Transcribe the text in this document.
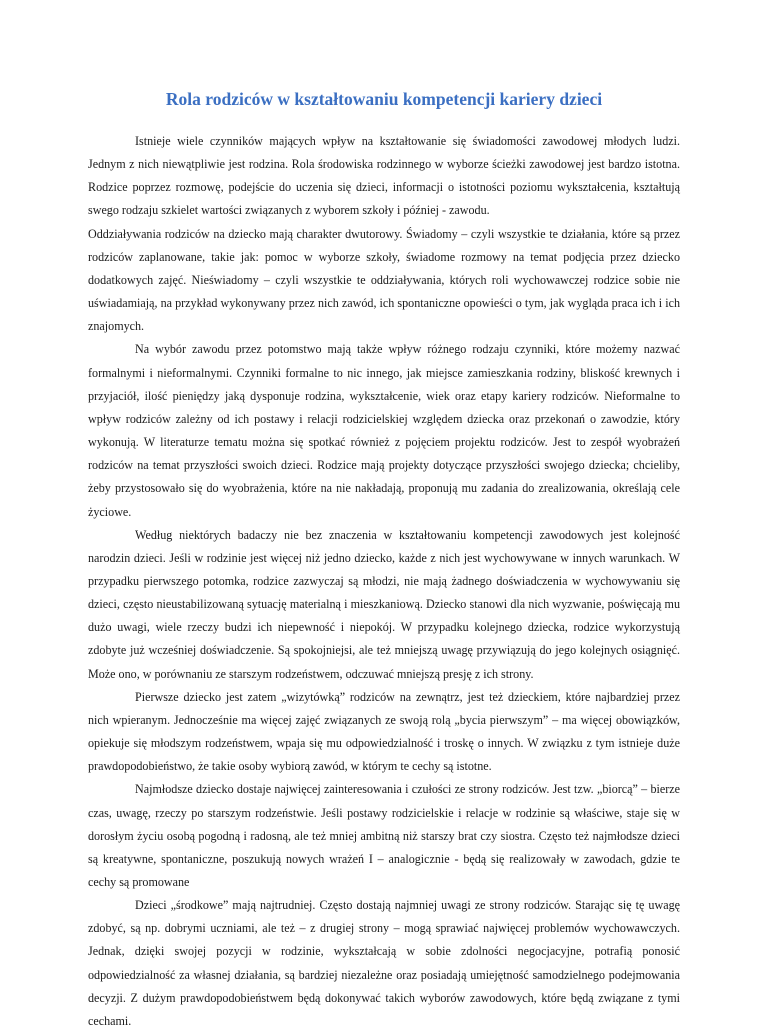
Rola rodziców w kształtowaniu kompetencji kariery dzieci

Istnieje wiele czynników mających wpływ na kształtowanie się świadomości zawodowej młodych ludzi. Jednym z nich niewątpliwie jest rodzina. Rola środowiska rodzinnego w wyborze ścieżki zawodowej jest bardzo istotna. Rodzice poprzez rozmowę, podejście do uczenia się dzieci, informacji o istotności poziomu wykształcenia, kształtują swego rodzaju szkielet wartości związanych z wyborem szkoły i później - zawodu.

Oddziaływania rodziców na dziecko mają charakter dwutorowy. Świadomy – czyli wszystkie te działania, które są przez rodziców zaplanowane, takie jak: pomoc w wyborze szkoły, świadome rozmowy na temat podjęcia przez dziecko dodatkowych zajęć. Nieświadomy – czyli wszystkie te oddziaływania, których roli wychowawczej rodzice sobie nie uświadamiają, na przykład wykonywany przez nich zawód, ich spontaniczne opowieści o tym, jak wygląda praca ich i ich znajomych.

Na wybór zawodu przez potomstwo mają także wpływ różnego rodzaju czynniki, które możemy nazwać formalnymi i nieformalnymi. Czynniki formalne to nic innego, jak miejsce zamieszkania rodziny, bliskość krewnych i przyjaciół, ilość pieniędzy jaką dysponuje rodzina, wykształcenie, wiek oraz etapy kariery rodziców. Nieformalne to wpływ rodziców zależny od ich postawy i relacji rodzicielskiej względem dziecka oraz przekonań o zawodzie, który wykonują. W literaturze tematu można się spotkać również z pojęciem projektu rodziców. Jest to zespół wyobrażeń rodziców na temat przyszłości swoich dzieci. Rodzice mają projekty dotyczące przyszłości swojego dziecka; chcieliby, żeby przystosowało się do wyobrażenia, które na nie nakładają, proponują mu zadania do zrealizowania, określają cele życiowe.

Według niektórych badaczy nie bez znaczenia w kształtowaniu kompetencji zawodowych jest kolejność narodzin dzieci. Jeśli w rodzinie jest więcej niż jedno dziecko, każde z nich jest wychowywane w innych warunkach. W przypadku pierwszego potomka, rodzice zazwyczaj są młodzi, nie mają żadnego doświadczenia w wychowywaniu się dzieci, często nieustabilizowaną sytuację materialną i mieszkaniową. Dziecko stanowi dla nich wyzwanie, poświęcają mu dużo uwagi, wiele rzeczy budzi ich niepewność i niepokój. W przypadku kolejnego dziecka, rodzice wykorzystują zdobyte już wcześniej doświadczenie. Są spokojniejsi, ale też mniejszą uwagę przywiązują do jego kolejnych osiągnięć. Może ono, w porównaniu ze starszym rodzeństwem, odczuwać mniejszą presję z ich strony.

Pierwsze dziecko jest zatem „wizytówką” rodziców na zewnątrz, jest też dzieckiem, które najbardziej przez nich wpieranym. Jednocześnie ma więcej zajęć związanych ze swoją rolą „bycia pierwszym” – ma więcej obowiązków, opiekuje się młodszym rodzeństwem, wpaja się mu odpowiedzialność i troskę o innych. W związku z tym istnieje duże prawdopodobieństwo, że takie osoby wybiorą zawód, w którym te cechy są istotne.

Najmłodsze dziecko dostaje najwięcej zainteresowania i czułości ze strony rodziców. Jest tzw. „biorcą” – bierze czas, uwagę, rzeczy po starszym rodzeństwie. Jeśli postawy rodzicielskie i relacje w rodzinie są właściwe, staje się w dorosłym życiu osobą pogodną i radosną, ale też mniej ambitną niż starszy brat czy siostra. Często też najmłodsze dzieci są kreatywne, spontaniczne, poszukują nowych wrażeń I – analogicznie - będą się realizowały w zawodach, gdzie te cechy są promowane

Dzieci „środkowe” mają najtrudniej. Często dostają najmniej uwagi ze strony rodziców. Starając się tę uwagę zdobyć, są np. dobrymi uczniami, ale też – z drugiej strony – mogą sprawiać najwięcej problemów wychowawczych. Jednak, dzięki swojej pozycji w rodzinie, wykształcają w sobie zdolności negocjacyjne, potrafią ponosić odpowiedzialność za własnej działania, są bardziej niezależne oraz posiadają umiejętność samodzielnego podejmowania decyzji. Z dużym prawdopodobieństwem będą dokonywać takich wyborów zawodowych, które będą związane z tymi cechami.
